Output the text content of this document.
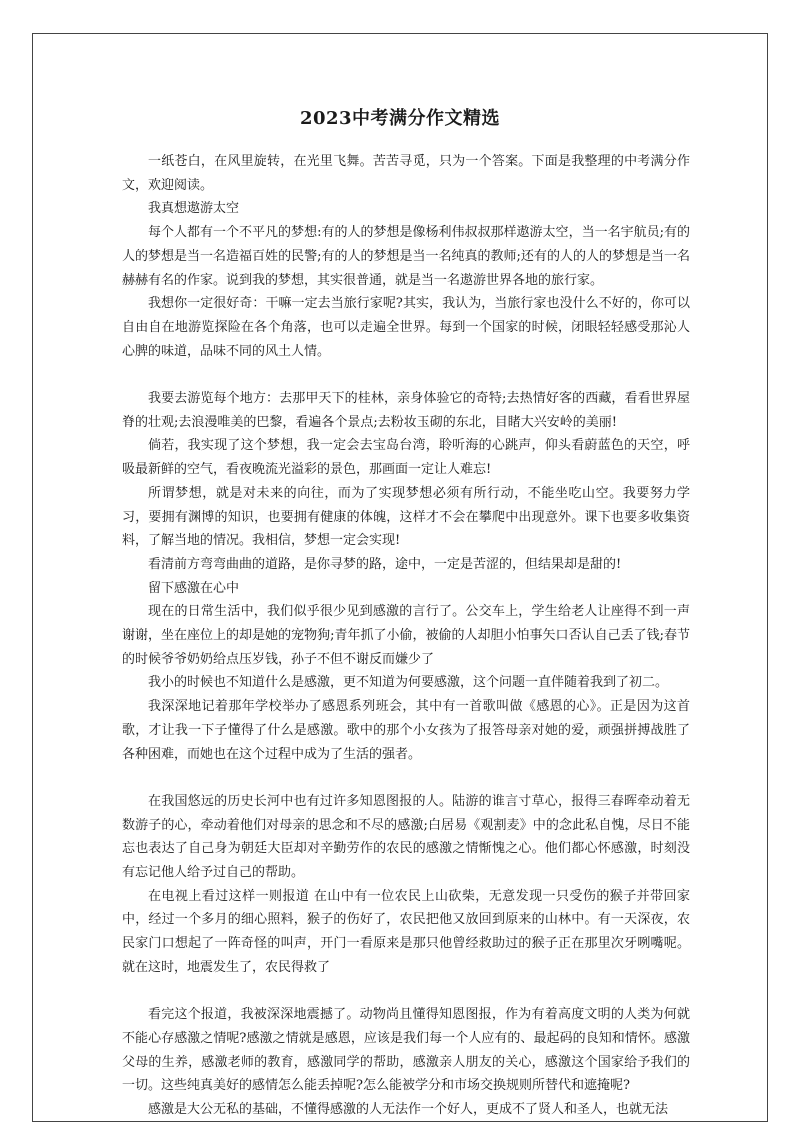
2023中考满分作文精选

一纸苍白，在风里旋转，在光里飞舞。苦苦寻觅，只为一个答案。下面是我整理的中考满分作文，欢迎阅读。

我真想遨游太空

每个人都有一个不平凡的梦想:有的人的梦想是像杨利伟叔叔那样遨游太空，当一名宇航员;有的人的梦想是当一名造福百姓的民警;有的人的梦想是当一名纯真的教师;还有的人的人的梦想是当一名赫赫有名的作家。说到我的梦想，其实很普通，就是当一名遨游世界各地的旅行家。

我想你一定很好奇：干嘛一定去当旅行家呢?其实，我认为，当旅行家也没什么不好的，你可以自由自在地游览探险在各个角落，也可以走遍全世界。每到一个国家的时候，闭眼轻轻感受那沁人心脾的味道，品味不同的风土人情。

我要去游览每个地方：去那甲天下的桂林，亲身体验它的奇特;去热情好客的西藏，看看世界屋脊的壮观;去浪漫唯美的巴黎，看遍各个景点;去粉妆玉砌的东北，目睹大兴安岭的美丽!

倘若，我实现了这个梦想，我一定会去宝岛台湾，聆听海的心跳声，仰头看蔚蓝色的天空，呼吸最新鲜的空气，看夜晚流光溢彩的景色，那画面一定让人难忘!

所谓梦想，就是对未来的向往，而为了实现梦想必须有所行动，不能坐吃山空。我要努力学习，要拥有渊博的知识，也要拥有健康的体魄，这样才不会在攀爬中出现意外。课下也要多收集资料，了解当地的情况。我相信，梦想一定会实现!

看清前方弯弯曲曲的道路，是你寻梦的路，途中，一定是苦涩的，但结果却是甜的!

留下感激在心中

现在的日常生活中，我们似乎很少见到感激的言行了。公交车上，学生给老人让座得不到一声谢谢，坐在座位上的却是她的宠物狗;青年抓了小偷，被偷的人却胆小怕事矢口否认自己丢了钱;春节的时候爷爷奶奶给点压岁钱，孙子不但不谢反而嫌少了

我小的时候也不知道什么是感激，更不知道为何要感激，这个问题一直伴随着我到了初二。

我深深地记着那年学校举办了感恩系列班会，其中有一首歌叫做《感恩的心》。正是因为这首歌，才让我一下子懂得了什么是感激。歌中的那个小女孩为了报答母亲对她的爱，顽强拼搏战胜了各种困难，而她也在这个过程中成为了生活的强者。

在我国悠远的历史长河中也有过许多知恩图报的人。陆游的谁言寸草心，报得三春晖牵动着无数游子的心，牵动着他们对母亲的思念和不尽的感激;白居易《观割麦》中的念此私自愧，尽日不能忘也表达了自己身为朝廷大臣却对辛勤劳作的农民的感激之情惭愧之心。他们都心怀感激，时刻没有忘记他人给予过自己的帮助。

在电视上看过这样一则报道 在山中有一位农民上山砍柴，无意发现一只受伤的猴子并带回家中，经过一个多月的细心照料，猴子的伤好了，农民把他又放回到原来的山林中。有一天深夜，农民家门口想起了一阵奇怪的叫声，开门一看原来是那只他曾经救助过的猴子正在那里次牙咧嘴呢。就在这时，地震发生了，农民得救了

看完这个报道，我被深深地震撼了。动物尚且懂得知恩图报，作为有着高度文明的人类为何就不能心存感激之情呢?感激之情就是感恩，应该是我们每一个人应有的、最起码的良知和情怀。感激父母的生养，感激老师的教育，感激同学的帮助，感激亲人朋友的关心，感激这个国家给予我们的一切。这些纯真美好的感情怎么能丢掉呢?怎么能被学分和市场交换规则所替代和遮掩呢?

感激是大公无私的基础，不懂得感激的人无法作一个好人，更成不了贤人和圣人，也就无法
